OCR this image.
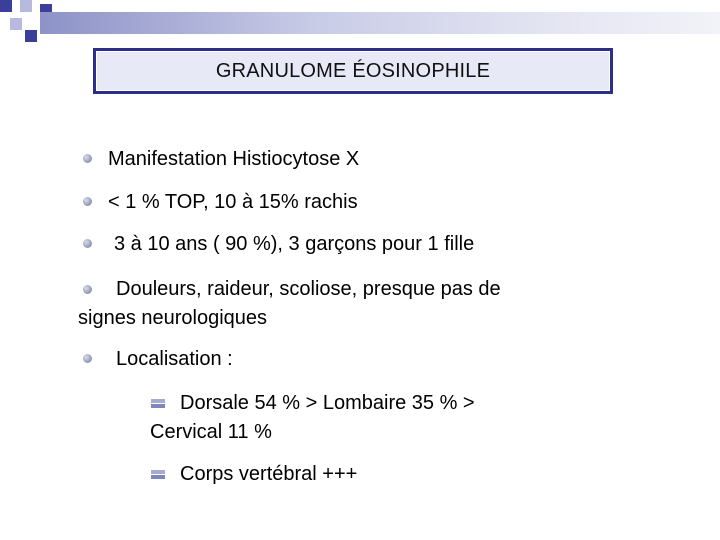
GRANULOME ÉOSINOPHILE
Manifestation Histiocytose X
< 1 % TOP, 10 à 15% rachis
3 à 10 ans ( 90 %), 3 garçons pour 1 fille
Douleurs, raideur, scoliose, presque pas de
signes neurologiques
Localisation :
Dorsale 54 % > Lombaire 35 % >
Cervical 11 %
Corps vertébral +++
